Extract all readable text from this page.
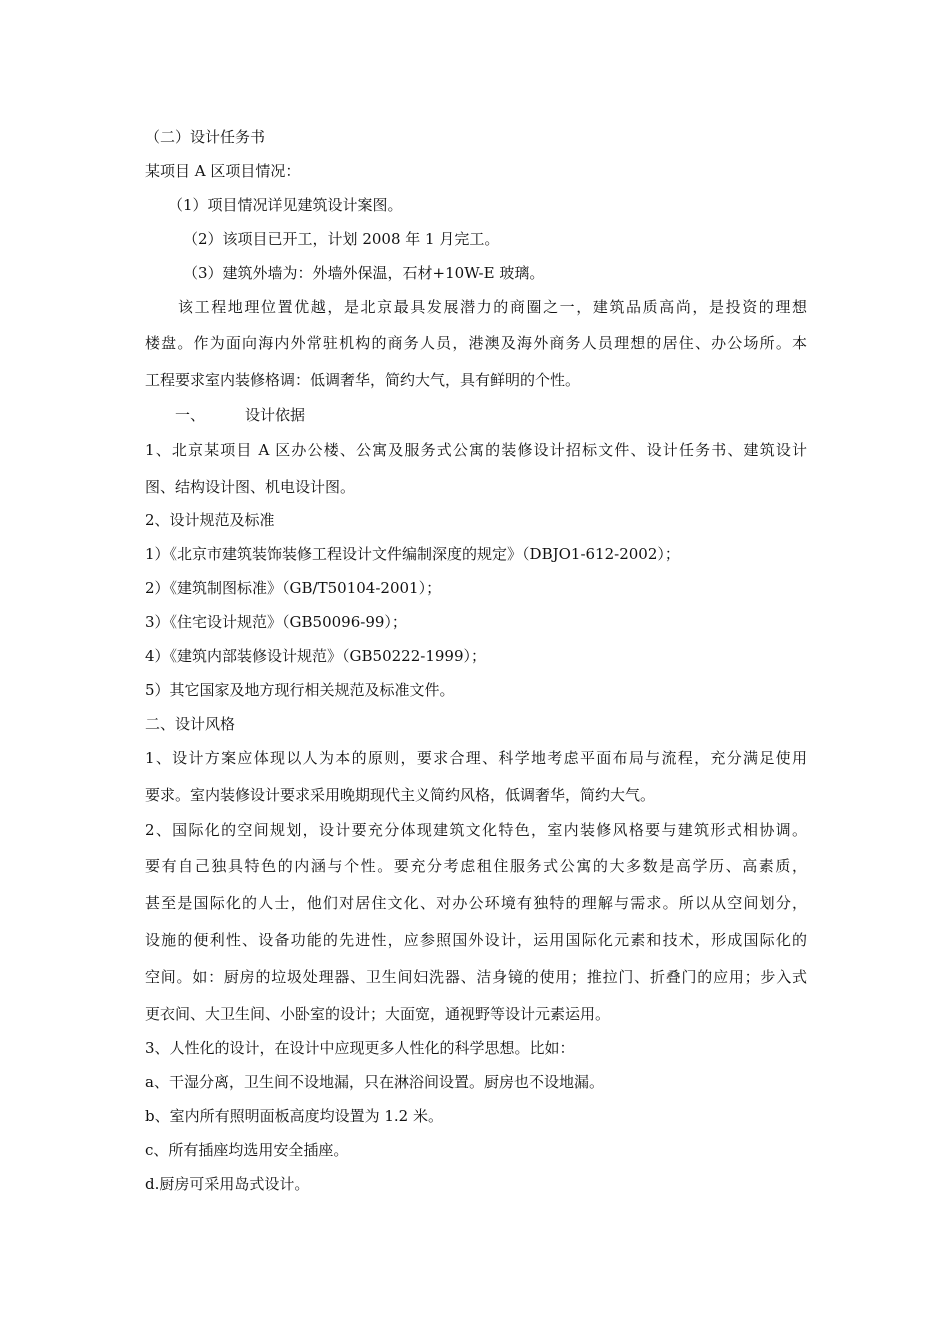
（二）设计任务书
某项目 A 区项目情况：
（1）项目情况详见建筑设计案图。
（2）该项目已开工，计划 2008 年 1 月完工。
（3）建筑外墙为：外墙外保温，石材+10W-E 玻璃。
该工程地理位置优越，是北京最具发展潜力的商圈之一，建筑品质高尚，是投资的理想
楼盘。作为面向海内外常驻机构的商务人员，港澳及海外商务人员理想的居住、办公场所。本
工程要求室内装修格调：低调奢华，简约大气，具有鲜明的个性。
一、	设计依据
1、北京某项目 A 区办公楼、公寓及服务式公寓的装修设计招标文件、设计任务书、建筑设计
图、结构设计图、机电设计图。
2、设计规范及标准
1）《北京市建筑装饰装修工程设计文件编制深度的规定》（DBJO1-612-2002）；
2）《建筑制图标准》（GB/T50104-2001）；
3）《住宅设计规范》（GB50096-99）；
4）《建筑内部装修设计规范》（GB50222-1999）；
5）其它国家及地方现行相关规范及标准文件。
二、设计风格
1、设计方案应体现以人为本的原则，要求合理、科学地考虑平面布局与流程，充分满足使用
要求。室内装修设计要求采用晚期现代主义简约风格，低调奢华，简约大气。
2、国际化的空间规划，设计要充分体现建筑文化特色，室内装修风格要与建筑形式相协调。
要有自己独具特色的内涵与个性。要充分考虑租住服务式公寓的大多数是高学历、高素质，
甚至是国际化的人士，他们对居住文化、对办公环境有独特的理解与需求。所以从空间划分，
设施的便利性、设备功能的先进性，应参照国外设计，运用国际化元素和技术，形成国际化的
空间。如：厨房的垃圾处理器、卫生间妇洗器、洁身镜的使用；推拉门、折叠门的应用；步入式
更衣间、大卫生间、小卧室的设计；大面宽，通视野等设计元素运用。
3、人性化的设计，在设计中应现更多人性化的科学思想。比如：
a、干湿分离，卫生间不设地漏，只在淋浴间设置。厨房也不设地漏。
b、室内所有照明面板高度均设置为 1.2 米。
c、所有插座均选用安全插座。
d.厨房可采用岛式设计。
